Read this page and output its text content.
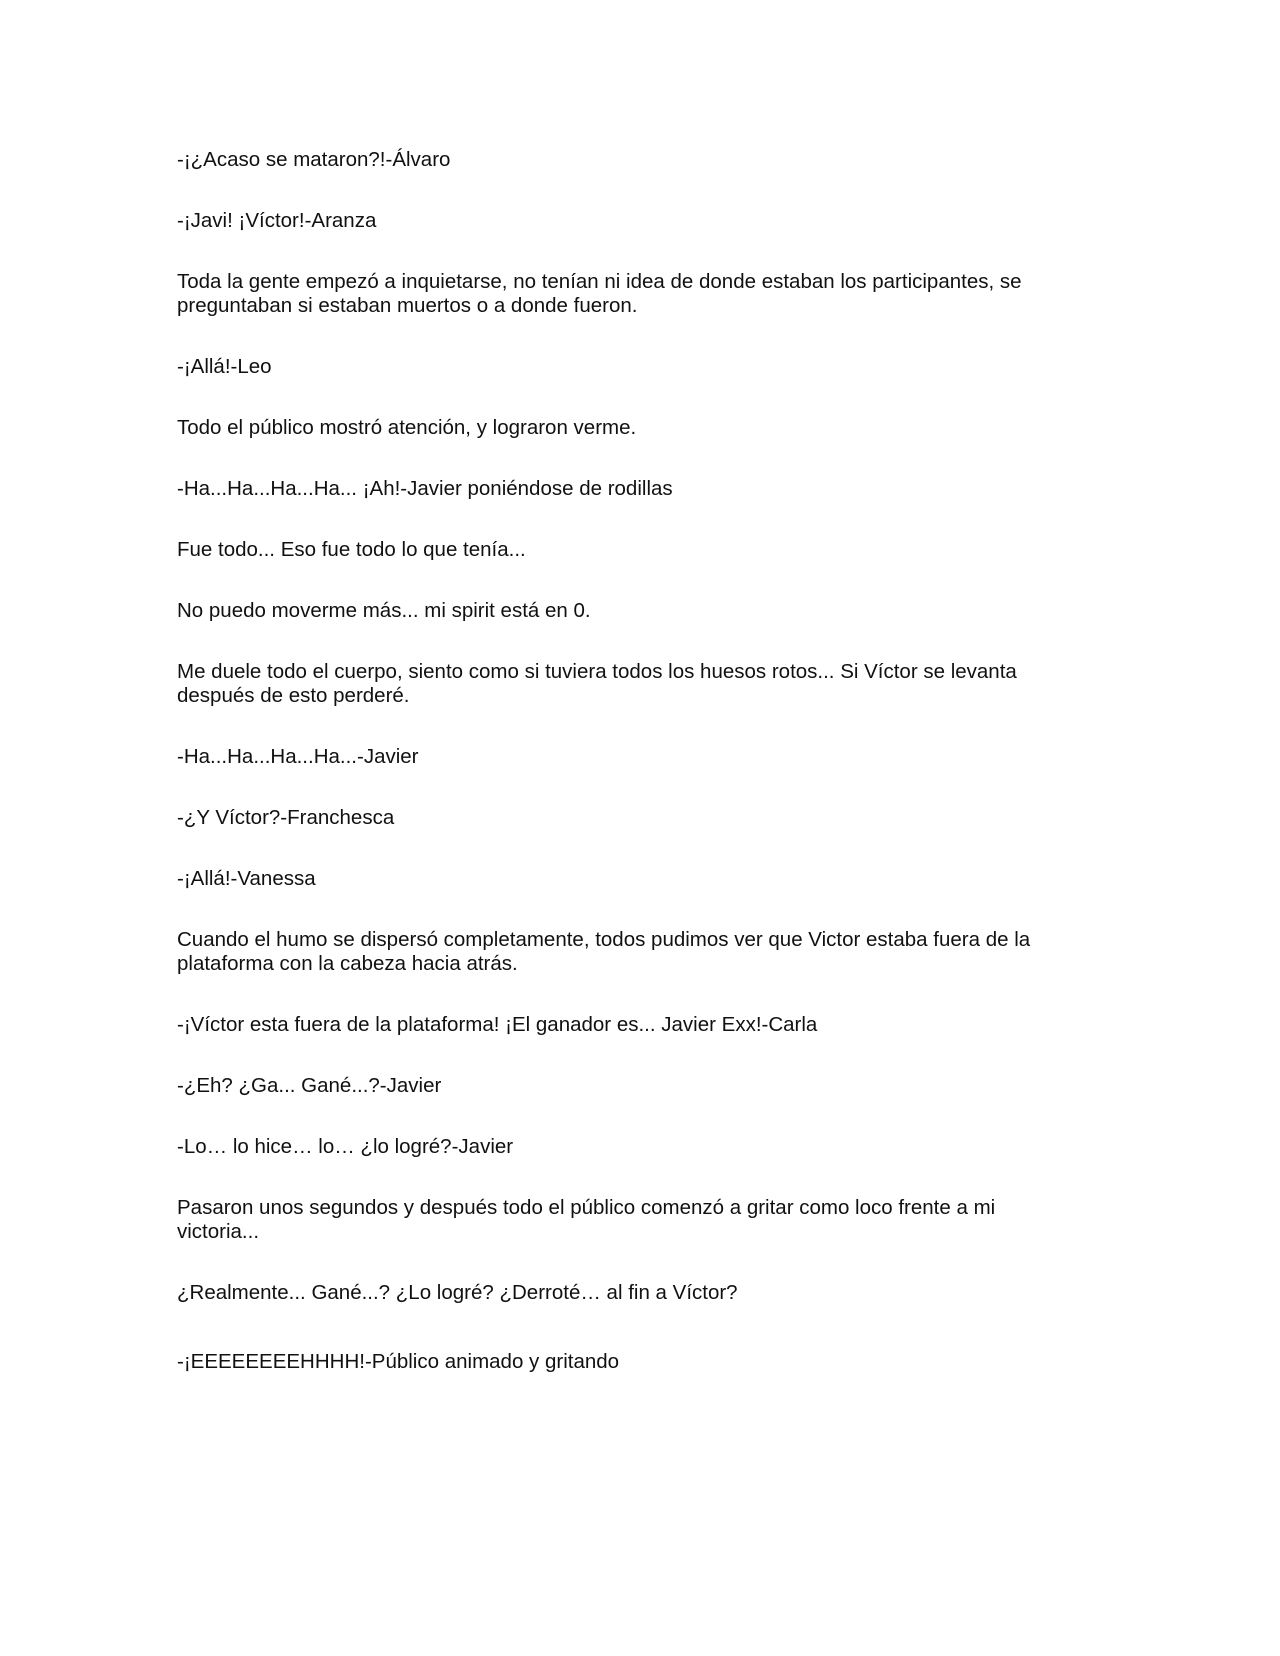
-¡¿Acaso se mataron?!-Álvaro

-¡Javi! ¡Víctor!-Aranza

Toda la gente empezó a inquietarse, no tenían ni idea de donde estaban los participantes, se preguntaban si estaban muertos o a donde fueron.

-¡Allá!-Leo

Todo el público mostró atención, y lograron verme.

-Ha...Ha...Ha...Ha... ¡Ah!-Javier poniéndose de rodillas

Fue todo... Eso fue todo lo que tenía...

No puedo moverme más... mi spirit está en 0.

Me duele todo el cuerpo, siento como si tuviera todos los huesos rotos... Si Víctor se levanta después de esto perderé.

-Ha...Ha...Ha...Ha...-Javier

-¿Y Víctor?-Franchesca

-¡Allá!-Vanessa

Cuando el humo se dispersó completamente, todos pudimos ver que Victor estaba fuera de la plataforma con la cabeza hacia atrás.

-¡Víctor esta fuera de la plataforma! ¡El ganador es... Javier Exx!-Carla

-¿Eh? ¿Ga... Gané...?-Javier

-Lo… lo hice… lo… ¿lo logré?-Javier

Pasaron unos segundos y después todo el público comenzó a gritar como loco frente a mi victoria...

¿Realmente... Gané...? ¿Lo logré? ¿Derroté… al fin a Víctor?

-¡EEEEEEEEHHHH!-Público animado y gritando
